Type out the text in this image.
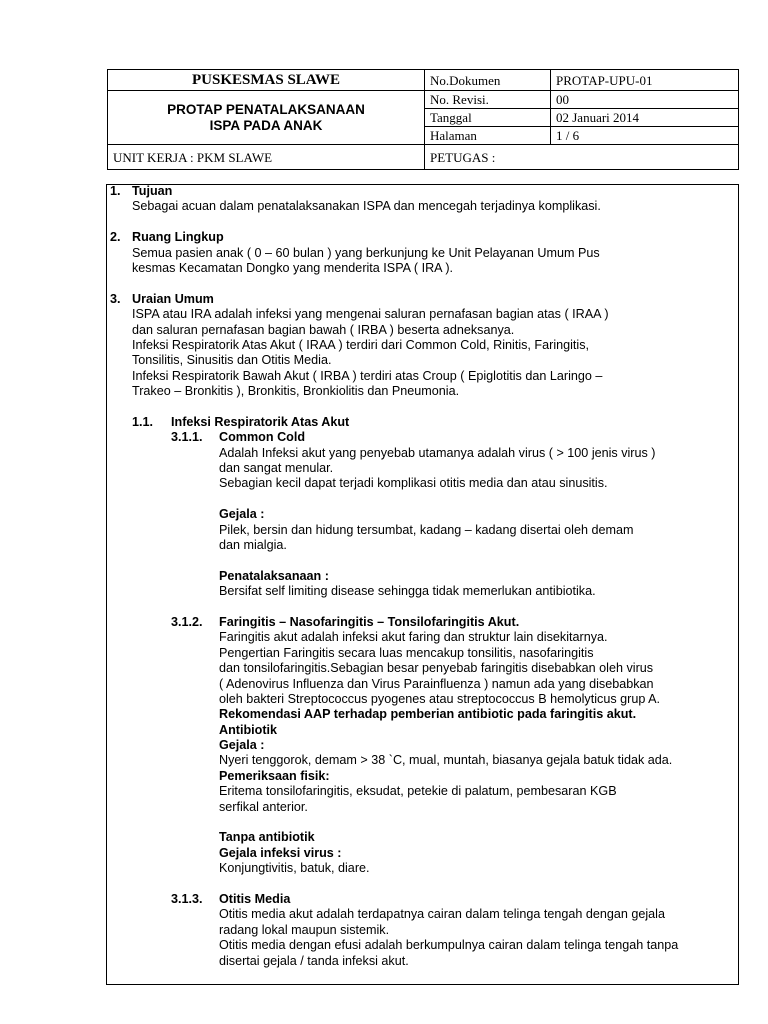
PUSKESMAS SLAWE	No.Dokumen	PROTAP-UPU-01

PROTAP PENATALAKSANAAN
ISPA PADA ANAK	No. Revisi.	00
	Tanggal	02 Januari 2014
	Halaman	1 / 6
UNIT KERJA : PKM SLAWE	PETUGAS :	
1. Tujuan
Sebagai acuan dalam penatalaksanakan ISPA dan mencegah terjadinya komplikasi.
2. Ruang Lingkup
Semua pasien anak ( 0 – 60 bulan ) yang berkunjung ke Unit Pelayanan Umum Pus
kesmas Kecamatan Dongko yang menderita ISPA ( IRA ).
3. Uraian Umum
ISPA atau IRA adalah infeksi yang mengenai saluran pernafasan bagian atas ( IRAA )
dan saluran pernafasan bagian bawah ( IRBA ) beserta adneksanya.
Infeksi Respiratorik Atas Akut ( IRAA ) terdiri dari Common Cold, Rinitis, Faringitis,
Tonsilitis, Sinusitis dan Otitis Media.
Infeksi Respiratorik Bawah Akut ( IRBA ) terdiri atas Croup ( Epiglotitis dan Laringo –
Trakeo – Bronkitis ), Bronkitis, Bronkiolitis dan Pneumonia.
1.1. Infeksi Respiratorik Atas Akut
3.1.1. Common Cold
Adalah Infeksi akut yang penyebab utamanya adalah virus ( > 100 jenis virus )
dan sangat menular.
Sebagian kecil dapat terjadi komplikasi otitis media dan atau sinusitis.
Gejala :
Pilek, bersin dan hidung tersumbat, kadang – kadang disertai oleh demam
dan mialgia.
Penatalaksanaan :
Bersifat self limiting disease sehingga tidak memerlukan antibiotika.
3.1.2. Faringitis – Nasofaringitis – Tonsilofaringitis Akut.
Faringitis akut adalah infeksi akut faring dan struktur lain disekitarnya.
Pengertian Faringitis secara luas mencakup tonsilitis, nasofaringitis
dan tonsilofaringitis.Sebagian besar penyebab faringitis disebabkan oleh virus
( Adenovirus Influenza dan Virus Parainfluenza ) namun ada yang disebabkan
oleh bakteri Streptococcus pyogenes atau streptococcus B hemolyticus grup A.
Rekomendasi AAP terhadap pemberian antibiotic pada faringitis akut.
Antibiotik
Gejala :
Nyeri tenggorok, demam > 38 `C, mual, muntah, biasanya gejala batuk tidak ada.
Pemeriksaan fisik:
Eritema tonsilofaringitis, eksudat, petekie di palatum, pembesaran KGB
serfikal anterior.
Tanpa antibiotik
Gejala infeksi virus :
Konjungtivitis, batuk, diare.
3.1.3. Otitis Media
Otitis media akut adalah terdapatnya cairan dalam telinga tengah dengan gejala
radang lokal maupun sistemik.
Otitis media dengan efusi adalah berkumpulnya cairan dalam telinga tengah tanpa
disertai gejala / tanda infeksi akut.
